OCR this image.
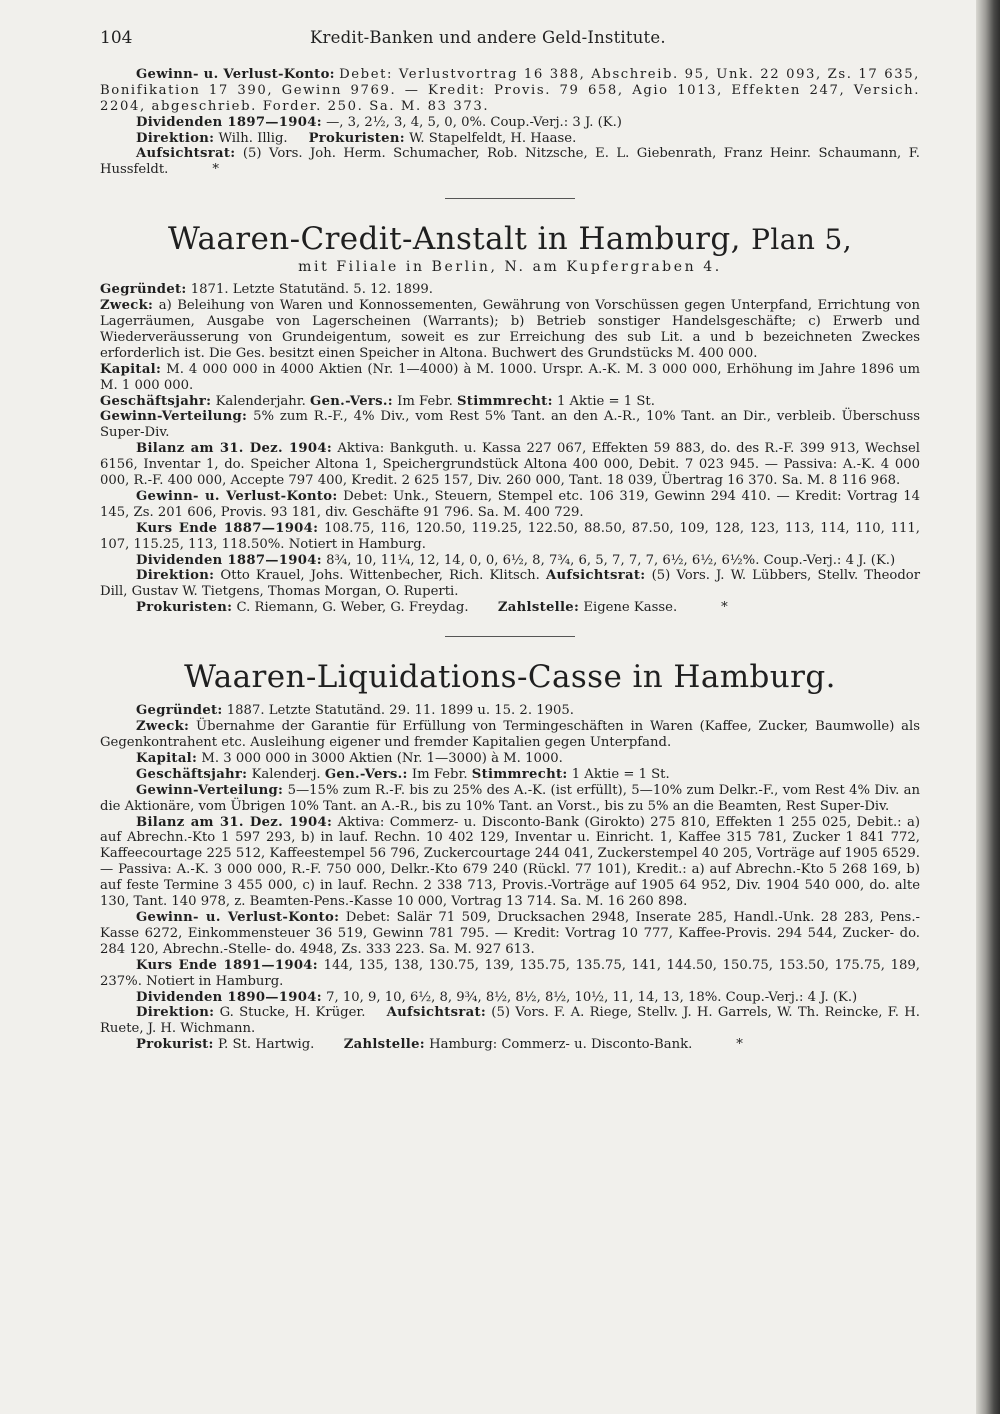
104	Kredit-Banken und andere Geld-Institute.

Gewinn- u. Verlust-Konto: Debet: Verlustvortrag 16 388, Abschreib. 95, Unk. 22 093, Zs. 17 635, Bonifikation 17 390, Gewinn 9769. — Kredit: Provis. 79 658, Agio 1013, Effekten 247, Versich. 2204, abgeschrieb. Forder. 250. Sa. M. 83 373.

Dividenden 1897—1904: —, 3, 2½, 3, 4, 5, 0, 0%. Coup.-Verj.: 3 J. (K.)

Direktion: Wilh. Illig. Prokuristen: W. Stapelfeldt, H. Haase.

Aufsichtsrat: (5) Vors. Joh. Herm. Schumacher, Rob. Nitzsche, E. L. Giebenrath, Franz Heinr. Schaumann, F. Hussfeldt.	*

Waaren-Credit-Anstalt in Hamburg, Plan 5,
mit Filiale in Berlin, N. am Kupfergraben 4.

Gegründet: 1871. Letzte Statutänd. 5. 12. 1899.

Zweck: a) Beleihung von Waren und Konnossementen, Gewährung von Vorschüssen gegen Unterpfand, Errichtung von Lagerräumen, Ausgabe von Lagerscheinen (Warrants); b) Betrieb sonstiger Handelsgeschäfte; c) Erwerb und Wiederveräusserung von Grundeigentum, soweit es zur Erreichung des sub Lit. a und b bezeichneten Zweckes erforderlich ist. Die Ges. besitzt einen Speicher in Altona. Buchwert des Grundstücks M. 400 000.

Kapital: M. 4 000 000 in 4000 Aktien (Nr. 1—4000) à M. 1000. Urspr. A.-K. M. 3 000 000, Erhöhung im Jahre 1896 um M. 1 000 000.

Geschäftsjahr: Kalenderjahr. Gen.-Vers.: Im Febr. Stimmrecht: 1 Aktie = 1 St.

Gewinn-Verteilung: 5% zum R.-F., 4% Div., vom Rest 5% Tant. an den A.-R., 10% Tant. an Dir., verbleib. Überschuss Super-Div.

Bilanz am 31. Dez. 1904: Aktiva: Bankguth. u. Kassa 227 067, Effekten 59 883, do. des R.-F. 399 913, Wechsel 6156, Inventar 1, do. Speicher Altona 1, Speichergrundstück Altona 400 000, Debit. 7 023 945. — Passiva: A.-K. 4 000 000, R.-F. 400 000, Accepte 797 400, Kredit. 2 625 157, Div. 260 000, Tant. 18 039, Übertrag 16 370. Sa. M. 8 116 968.

Gewinn- u. Verlust-Konto: Debet: Unk., Steuern, Stempel etc. 106 319, Gewinn 294 410. — Kredit: Vortrag 14 145, Zs. 201 606, Provis. 93 181, div. Geschäfte 91 796. Sa. M. 400 729.

Kurs Ende 1887—1904: 108.75, 116, 120.50, 119.25, 122.50, 88.50, 87.50, 109, 128, 123, 113, 114, 110, 111, 107, 115.25, 113, 118.50%. Notiert in Hamburg.

Dividenden 1887—1904: 8¾, 10, 11¼, 12, 14, 0, 0, 6½, 8, 7¾, 6, 5, 7, 7, 7, 6½, 6½, 6½%. Coup.-Verj.: 4 J. (K.)

Direktion: Otto Krauel, Johs. Wittenbecher, Rich. Klitsch. Aufsichtsrat: (5) Vors. J. W. Lübbers, Stellv. Theodor Dill, Gustav W. Tietgens, Thomas Morgan, O. Ruperti.

Prokuristen: C. Riemann, G. Weber, G. Freydag. Zahlstelle: Eigene Kasse.	*

Waaren-Liquidations-Casse in Hamburg.

Gegründet: 1887. Letzte Statutänd. 29. 11. 1899 u. 15. 2. 1905.

Zweck: Übernahme der Garantie für Erfüllung von Termingeschäften in Waren (Kaffee, Zucker, Baumwolle) als Gegenkontrahent etc. Ausleihung eigener und fremder Kapitalien gegen Unterpfand.

Kapital: M. 3 000 000 in 3000 Aktien (Nr. 1—3000) à M. 1000.

Geschäftsjahr: Kalenderj. Gen.-Vers.: Im Febr. Stimmrecht: 1 Aktie = 1 St.

Gewinn-Verteilung: 5—15% zum R.-F. bis zu 25% des A.-K. (ist erfüllt), 5—10% zum Delkr.-F., vom Rest 4% Div. an die Aktionäre, vom Übrigen 10% Tant. an A.-R., bis zu 10% Tant. an Vorst., bis zu 5% an die Beamten, Rest Super-Div.

Bilanz am 31. Dez. 1904: Aktiva: Commerz- u. Disconto-Bank (Girokto) 275 810, Effekten 1 255 025, Debit.: a) auf Abrechn.-Kto 1 597 293, b) in lauf. Rechn. 10 402 129, Inventar u. Einricht. 1, Kaffee 315 781, Zucker 1 841 772, Kaffeecourtage 225 512, Kaffeestempel 56 796, Zuckercourtage 244 041, Zuckerstempel 40 205, Vorträge auf 1905 6529. — Passiva: A.-K. 3 000 000, R.-F. 750 000, Delkr.-Kto 679 240 (Rückl. 77 101), Kredit.: a) auf Abrechn.-Kto 5 268 169, b) auf feste Termine 3 455 000, c) in lauf. Rechn. 2 338 713, Provis.-Vorträge auf 1905 64 952, Div. 1904 540 000, do. alte 130, Tant. 140 978, z. Beamten-Pens.-Kasse 10 000, Vortrag 13 714. Sa. M. 16 260 898.

Gewinn- u. Verlust-Konto: Debet: Salär 71 509, Drucksachen 2948, Inserate 285, Handl.-Unk. 28 283, Pens.-Kasse 6272, Einkommensteuer 36 519, Gewinn 781 795. — Kredit: Vortrag 10 777, Kaffee-Provis. 294 544, Zucker- do. 284 120, Abrechn.-Stelle- do. 4948, Zs. 333 223. Sa. M. 927 613.

Kurs Ende 1891—1904: 144, 135, 138, 130.75, 139, 135.75, 135.75, 141, 144.50, 150.75, 153.50, 175.75, 189, 237%. Notiert in Hamburg.

Dividenden 1890—1904: 7, 10, 9, 10, 6½, 8, 9¾, 8½, 8½, 8½, 10½, 11, 14, 13, 18%. Coup.-Verj.: 4 J. (K.)

Direktion: G. Stucke, H. Krüger. Aufsichtsrat: (5) Vors. F. A. Riege, Stellv. J. H. Garrels, W. Th. Reincke, F. H. Ruete, J. H. Wichmann.

Prokurist: P. St. Hartwig. Zahlstelle: Hamburg: Commerz- u. Disconto-Bank.	*
